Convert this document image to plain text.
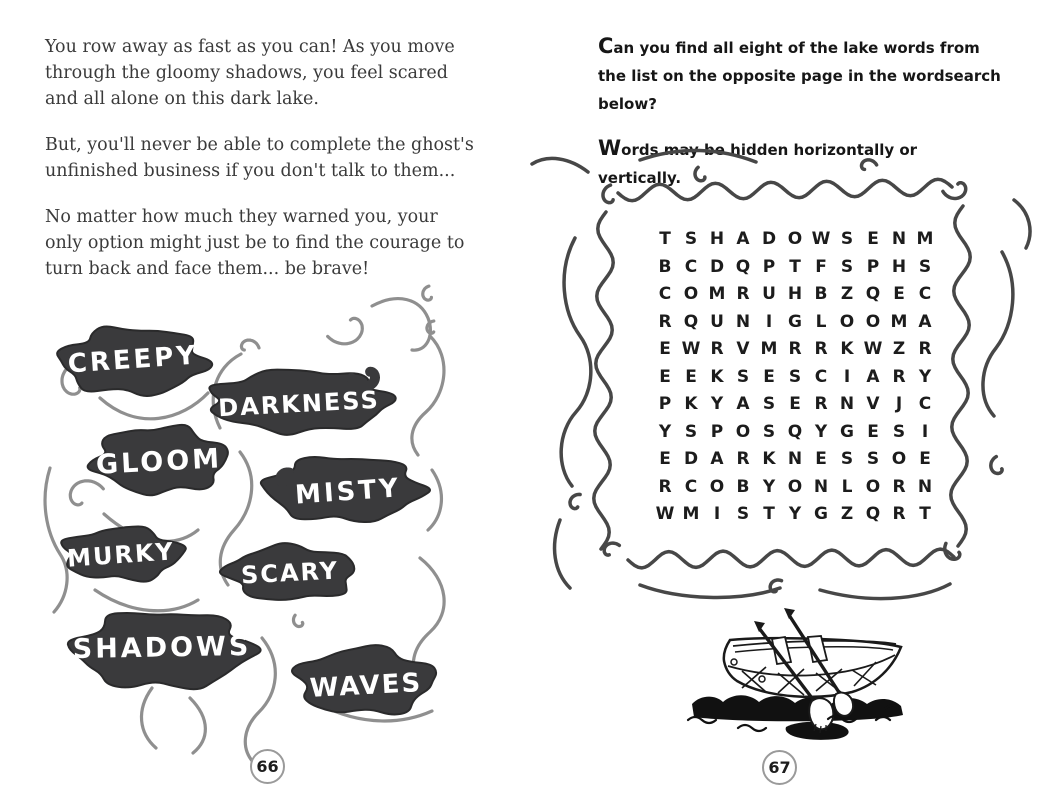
You row away as fast as you can! As you move through the gloomy shadows, you feel scared and all alone on this dark lake.

But, you'll never be able to complete the ghost's unfinished business if you don't talk to them...

No matter how much they warned you, your only option might just be to find the courage to turn back and face them... be brave!

CREEPY
DARKNESS
GLOOM
MISTY
MURKY
SCARY
SHADOWS
WAVES

Can you find all eight of the lake words from the list on the opposite page in the wordsearch below?

Words may be hidden horizontally or vertically.

T S H A D O W S E N M
B C D Q P T F S P H S
C O M R U H B Z Q E C
R Q U N I G L O O M A
E W R V M R R K W Z R
E E K S E S C I A R Y
P K Y A S E R N V J C
Y S P O S Q Y G E S I
E D A R K N E S S O E
R C O B Y O N L O R N
W M I S T Y G Z Q R T
66	67
